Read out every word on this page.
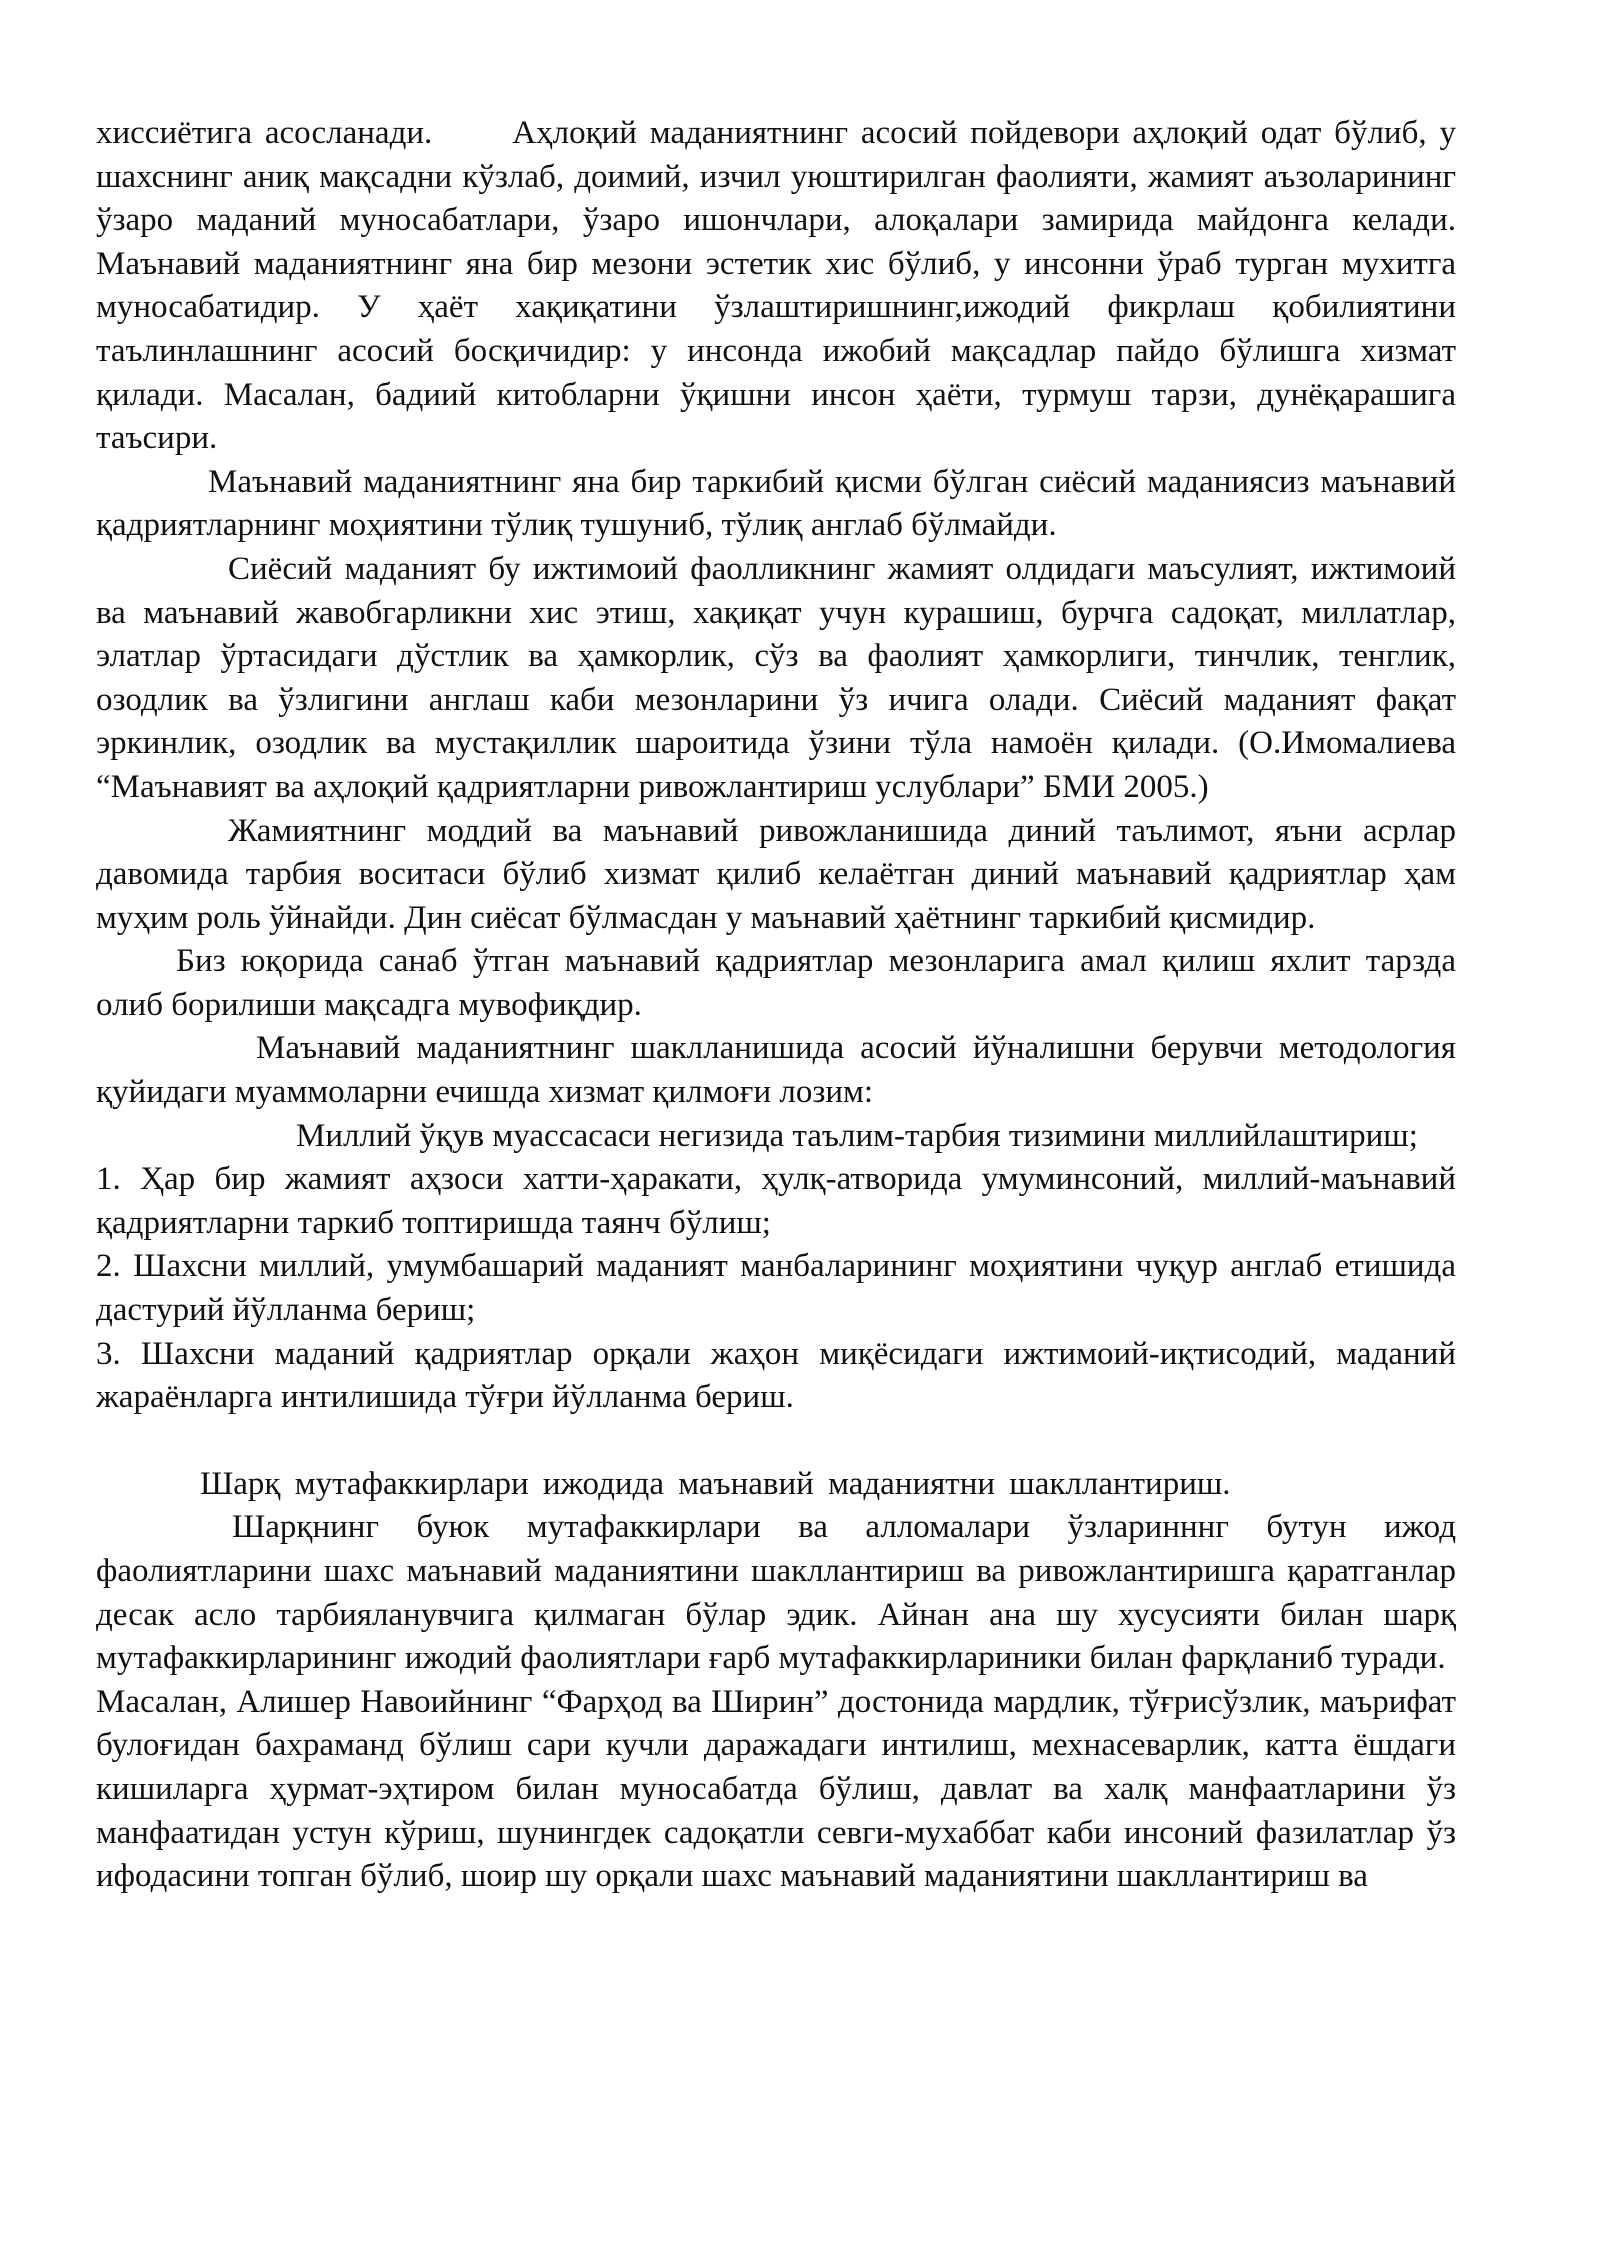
хиссиётига асосланади. Аҳлоқий маданиятнинг асосий пойдевори аҳлоқий одат бўлиб, у шахснинг аниқ мақсадни кўзлаб, доимий, изчил уюштирилган фаолияти, жамият аъзоларининг ўзаро маданий муносабатлари, ўзаро ишончлари, алоқалари замирида майдонга келади. Маънавий маданиятнинг яна бир мезони эстетик хис бўлиб, у инсонни ўраб турган мухитга муносабатидир. У ҳаёт хақиқатини ўзлаштиришнинг,ижодий фикрлаш қобилиятини таълинлашнинг асосий босқичидир: у инсонда ижобий мақсадлар пайдо бўлишга хизмат қилади. Масалан, бадиий китобларни ўқишни инсон ҳаёти, турмуш тарзи, дунёқарашига таъсири.

Маънавий маданиятнинг яна бир таркибий қисми бўлган сиёсий маданиясиз маънавий қадриятларнинг моҳиятини тўлиқ тушуниб, тўлиқ англаб бўлмайди.

Сиёсий маданият бу ижтимоий фаолликнинг жамият олдидаги маъсулият, ижтимоий ва маънавий жавобгарликни хис этиш, хақиқат учун курашиш, бурчга садоқат, миллатлар, элатлар ўртасидаги дўстлик ва ҳамкорлик, сўз ва фаолият ҳамкорлиги, тинчлик, тенглик, озодлик ва ўзлигини англаш каби мезонларини ўз ичига олади. Сиёсий маданият фақат эркинлик, озодлик ва мустақиллик шароитида ўзини тўла намоён қилади. (О.Имомалиева “Маънавият ва аҳлоқий қадриятларни ривожлантириш услублари” БМИ 2005.)

Жамиятнинг моддий ва маънавий ривожланишида диний таълимот, яъни асрлар давомида тарбия воситаси бўлиб хизмат қилиб келаётган диний маънавий қадриятлар ҳам муҳим роль ўйнайди. Дин сиёсат бўлмасдан у маънавий ҳаётнинг таркибий қисмидир.

Биз юқорида санаб ўтган маънавий қадриятлар мезонларига амал қилиш яхлит тарзда олиб борилиши мақсадга мувофиқдир.

Маънавий маданиятнинг шаклланишида асосий йўналишни берувчи методология қуйидаги муаммоларни ечишда хизмат қилмоғи лозим:

Миллий ўқув муассасаси негизида таълим-тарбия тизимини миллийлаштириш;

1. Ҳар бир жамият аҳзоси хатти-ҳаракати, ҳулқ-атворида умуминсоний, миллий-маънавий қадриятларни таркиб топтиришда таянч бўлиш;

2. Шахсни миллий, умумбашарий маданият манбаларининг моҳиятини чуқур англаб етишида дастурий йўлланма бериш;

3. Шахсни маданий қадриятлар орқали жаҳон миқёсидаги ижтимоий-иқтисодий, маданий жараёнларга интилишида тўғри йўлланма бериш.

Шарқ мутафаккирлари ижодида маънавий маданиятни шакллантириш.

Шарқнинг буюк мутафаккирлари ва алломалари ўзларинннг бутун ижод фаолиятларини шахс маънавий маданиятини шакллантириш ва ривожлантиришга қаратганлар десак асло тарбияланувчига қилмаган бўлар эдик. Айнан ана шу хусусияти билан шарқ мутафаккирларининг ижодий фаолиятлари ғарб мутафаккирлариники билан фарқланиб туради.

Масалан, Алишер Навоийнинг “Фарҳод ва Ширин” достонида мардлик, тўғрисўзлик, маърифат булоғидан бахраманд бўлиш сари кучли даражадаги интилиш, мехнасеварлик, катта ёшдаги кишиларга ҳурмат-эҳтиром билан муносабатда бўлиш, давлат ва халқ манфаатларини ўз манфаатидан устун кўриш, шунингдек садоқатли севги-мухаббат каби инсоний фазилатлар ўз ифодасини топган бўлиб, шоир шу орқали шахс маънавий маданиятини шакллантириш ва
